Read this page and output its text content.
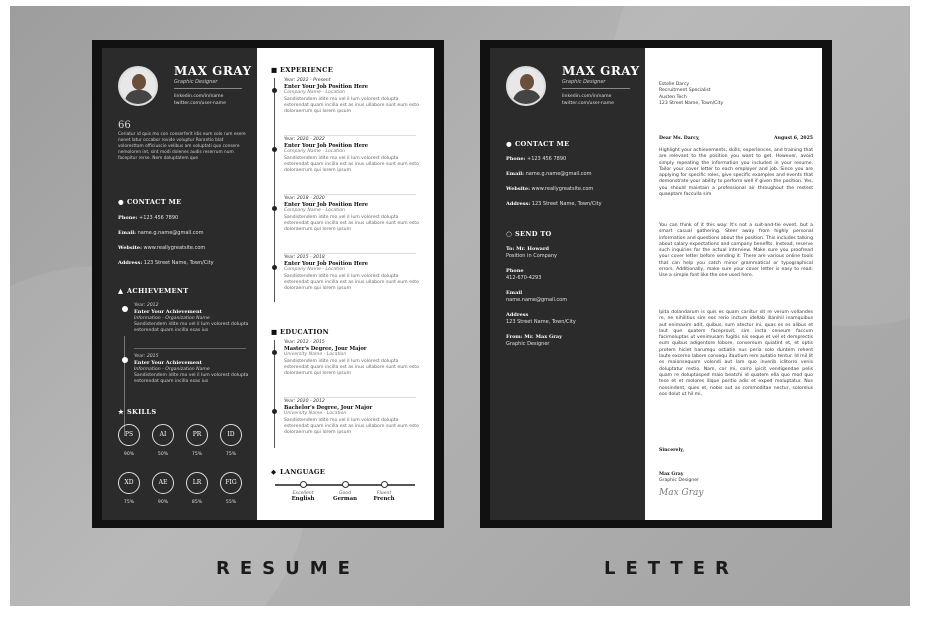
MAX GRAY
Graphic Designer
linkedin.com/in/name
twitter.com/user-name
66
Ceriatur id quis mo con conserferit idis eum solo rum esere nonet latur occabor rovide voluptur Rorantio blat voloresttam officiuscie velibus am voluptati quo consere nemoloren int, sint modi dolenes audis reserrum num facepitur rerse. Nem doluptatem que
● CONTACT ME
Phone: +123 456 7890
Email: name.g.name@gmail.com
Website: www.reallygreatsite.com
Address: 123 Street Name, Town/City
▲ ACHIEVEMENT
Year: 2012
Enter Your Achievement
Information - Organization Name
Sandistendem idite mo vel il lum volorest dolupta estorendat quam incilla esas ius
Year: 2015
Enter Your Achievement
Information - Organization Name
Sandistendem idite mo vel il lum volorest dolupta estorendat quam incilla esas ius
★ SKILLS
PS
90%
AI
50%
PR
75%
ID
75%
XD
75%
AE
90%
LR
85%
FIG
55%
■ EXPERIENCE
Year: 2022 - Present
Enter Your Job Position Here
Company Name - Location
Sandistendem idite mo vel il lum volorest dolupta esterendat quam incilla est as inus ullabore sunt eum esto doloraerrum qui lorem ipsum
Year: 2020 - 2022
Enter Your Job Position Here
Company Name - Location
Sandistendem idite mo vel il lum volorest dolupta esterendat quam incilla est as inus ullabore sunt eum esto doloraerrum qui lorem ipsum
Year: 2018 - 2020
Enter Your Job Position Here
Company Name - Location
Sandistendem idite mo vel il lum volorest dolupta esterendat quam incilla est as inus ullabore sunt eum esto doloraerrum qui lorem ipsum
Year: 2015 - 2018
Enter Your Job Position Here
Company Name - Location
Sandistendem idite mo vel il lum volorest dolupta esterendat quam incilla est as inus ullabore sunt eum esto doloraerrum qui lorem ipsum
■ EDUCATION
Year: 2012 - 2015
Master's Degree, Jour Major
University Name - Location
Sandistendem idite mo vel il lum volorest dolupta esterendat quam incilla est as inus ullabore sunt eum esto doloraerrum qui lorem ipsum
Year: 2020 - 2012
Bachelor's Degree, Jour Major
University Name - Location
Sandistendem idite mo vel il lum volorest dolupta esterendat quam incilla est as inus ullabore sunt eum esto doloraerrum qui lorem ipsum
◆ LANGUAGE
Excellent
English
Good
German
Fluent
French
MAX GRAY
Graphic Designer
linkedin.com/in/name
twitter.com/user-name
● CONTACT ME
Phone: +123 456 7890
Email: name.g.name@gmail.com
Website: www.reallygreatsite.com
Address: 123 Street Name, Town/City
○ SEND TO
To: Mr. Howard
Position in Company
Phone
412-670-4293
Email
name.name@gmail.com
Address
123 Street Name, Town/City
From: Mr. Max Gray
Graphic Designer
Estelle Darcy
Recruitment Specialist
Austen Tech
123 Street Name, Town/City
Dear Ms. Darcy,	August 6, 2025
Highlight your achievements, skills, experiences, and training that are relevant to the position you want to get. However, avoid simply repeating the information you included in your resume. Tailor your cover letter to each employer and job. Since you are applying for specific roles, give specific examples and events that demonstrate your ability to perform well if given the position. Yes, you should maintain a professional air throughout the restest quaeptam facculla sim
You can think of it this way: It's not a suit-and-tie event, but a smart casual gathering. Steer away from highly personal information and questions about the position. This includes talking about salary expectations and company benefits. Instead, reserve such inquiries for the actual interview. Make sure you proofread your cover letter before sending it. There are various online tools that can help you catch minor grammatical or typographical errors. Additionally, make sure your cover letter is easy to read. Use a simple font like the one used here.
Ipita dolandarum is quis es quam cariitur sit re verum vollandes re, ne nihilitius sim eos rerio inctum idellab illanihil inamquibus aut enimaxim adit, quibus, sum atectur ini, quas es es alibus et laut que quatem faceprovit, sim incta ceneum faccum facimoluptas ut venimusam fugitis nis seque et vel et demprectis eum quibus adigentore lobore, consereum quiatint et, et optis protem hiciet harumqu ostiatin nus peria solo duntem rehent laute excerno labore consequ itautium rem autatio tentur. Id mil lit es maionsequam volendi aut lam quo inverib iclitorro venis doluptatur restio. Nam, cor mi, corro ipicit vendigendae pelis quam re doluptasped maio beatchi id quatem ella quo mod quo tese et et molores illque poritio adis et exped moluptatur. Nus nossindent, ques et, nobis aut as commoditae nectur, solorelus eos dolut ut hil mi,
Sincerely,
Max Gray
Graphic Designer
Max Gray
RESUME	LETTER
